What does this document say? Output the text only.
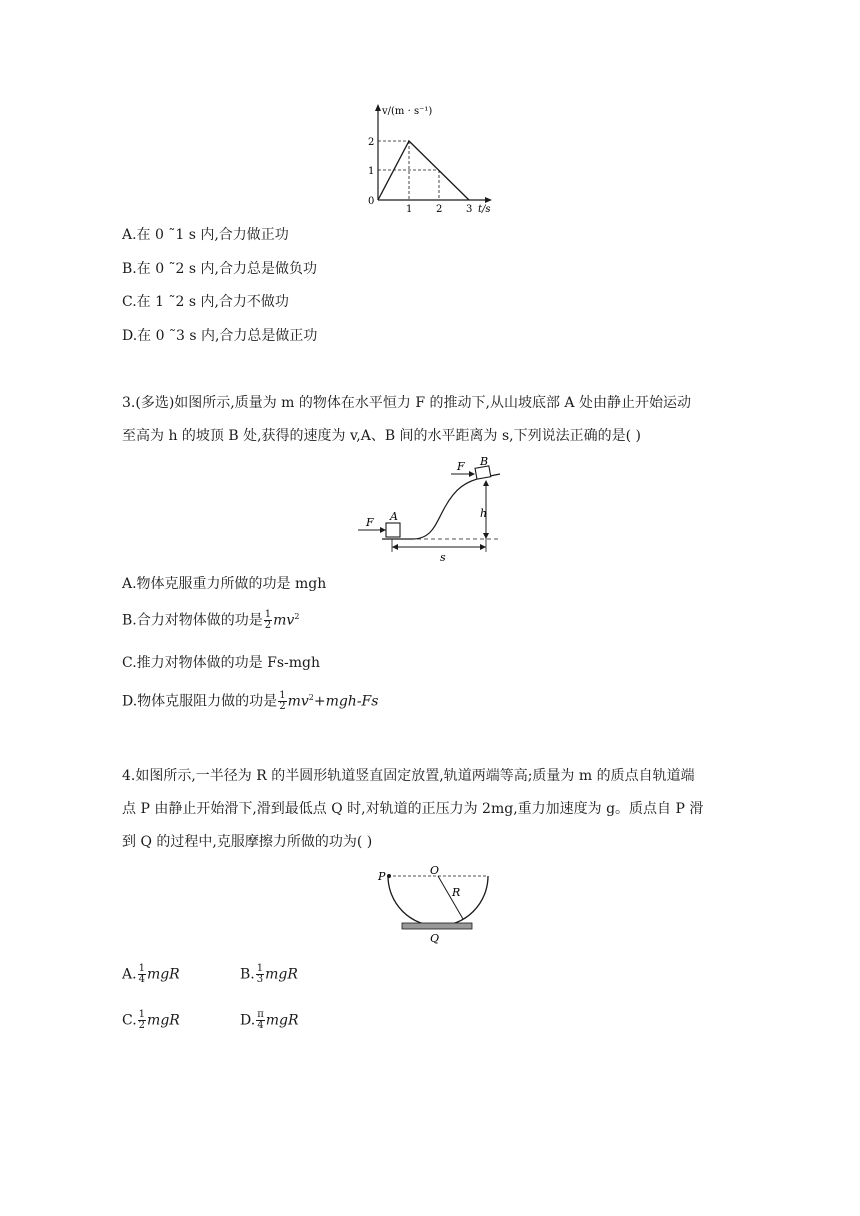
v/(m · s⁻¹)
2
1
0
1 2 3 t/s
A.在 0 ˜1 s 内,合力做正功
B.在 0 ˜2 s 内,合力总是做负功
C.在 1 ˜2 s 内,合力不做功
D.在 0 ˜3 s 内,合力总是做正功
3.(多选)如图所示,质量为 m 的物体在水平恒力 F 的推动下,从山坡底部 A 处由静止开始运动
至高为 h 的坡顶 B 处,获得的速度为 v,A、B 间的水平距离为 s,下列说法正确的是( )
F A
F B
h
s
A.物体克服重力所做的功是 mgh
B.合力对物体做的功是 $\frac{1}{2} mv^2$
C.推力对物体做的功是 Fs-mgh
D.物体克服阻力做的功是 $\frac{1}{2} mv^2+mgh-Fs$
4.如图所示,一半径为 R 的半圆形轨道竖直固定放置,轨道两端等高;质量为 m 的质点自轨道端
点 P 由静止开始滑下,滑到最低点 Q 时,对轨道的正压力为 2mg,重力加速度为 g。质点自 P 滑
到 Q 的过程中,克服摩擦力所做的功为( )
P	O
R
Q
A. $\frac{1}{4}$ mgR	B. $\frac{1}{3}$ mgR
C. $\frac{1}{2}$ mgR	D. $\frac{\pi}{4}$ mgR
